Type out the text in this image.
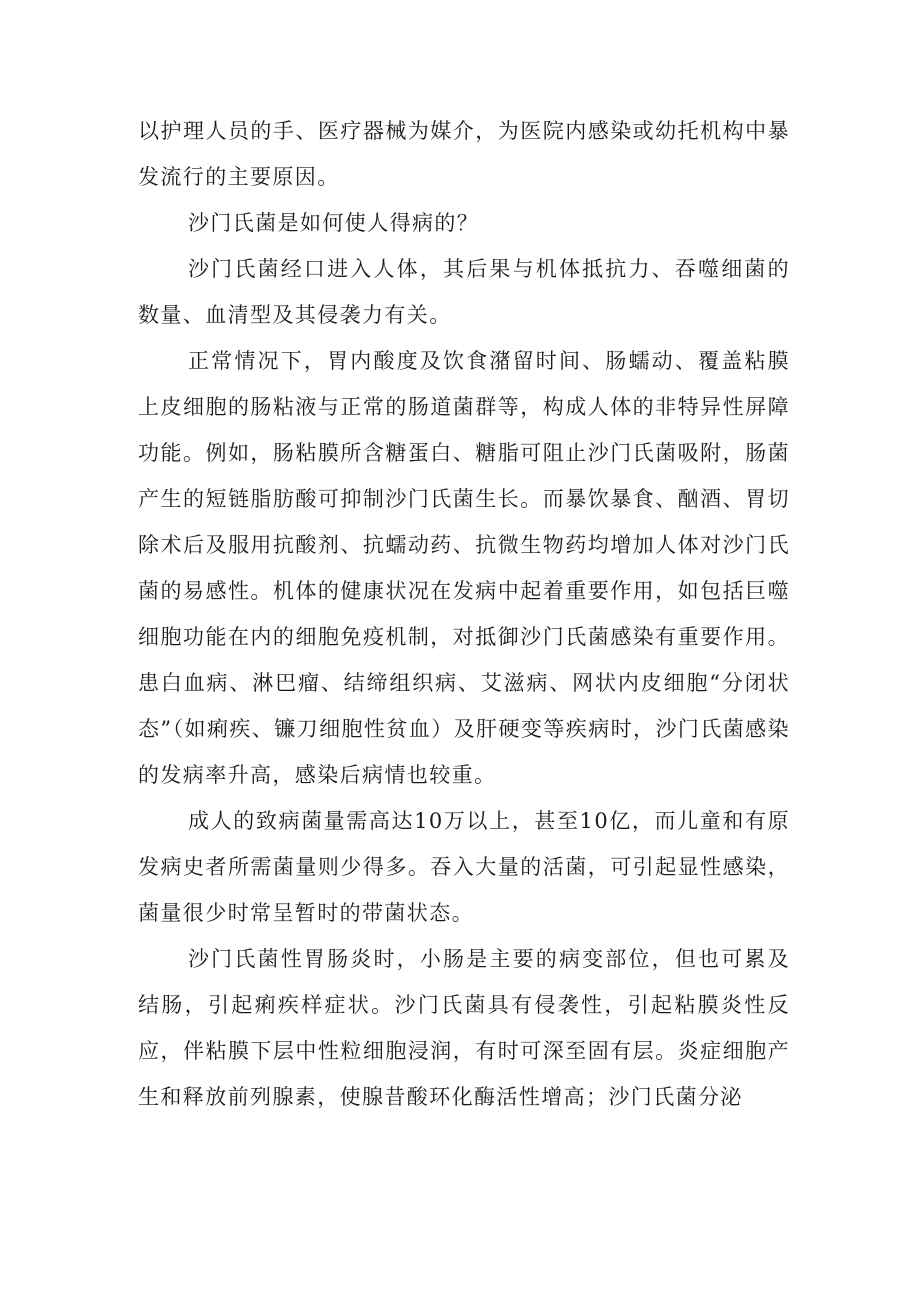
以护理人员的手、医疗器械为媒介，为医院内感染或幼托机构中暴发流行的主要原因。

沙门氏菌是如何使人得病的？

沙门氏菌经口进入人体，其后果与机体抵抗力、吞噬细菌的数量、血清型及其侵袭力有关。

正常情况下，胃内酸度及饮食潴留时间、肠蠕动、覆盖粘膜上皮细胞的肠粘液与正常的肠道菌群等，构成人体的非特异性屏障功能。例如，肠粘膜所含糖蛋白、糖脂可阻止沙门氏菌吸附，肠菌产生的短链脂肪酸可抑制沙门氏菌生长。而暴饮暴食、酗酒、胃切除术后及服用抗酸剂、抗蠕动药、抗微生物药均增加人体对沙门氏菌的易感性。机体的健康状况在发病中起着重要作用，如包括巨噬细胞功能在内的细胞免疫机制，对抵御沙门氏菌感染有重要作用。患白血病、淋巴瘤、结缔组织病、艾滋病、网状内皮细胞“分闭状态”（如痢疾、镰刀细胞性贫血）及肝硬变等疾病时，沙门氏菌感染的发病率升高，感染后病情也较重。

成人的致病菌量需高达10万以上，甚至10亿，而儿童和有原发病史者所需菌量则少得多。吞入大量的活菌，可引起显性感染，菌量很少时常呈暂时的带菌状态。

沙门氏菌性胃肠炎时，小肠是主要的病变部位，但也可累及结肠，引起痢疾样症状。沙门氏菌具有侵袭性，引起粘膜炎性反应，伴粘膜下层中性粒细胞浸润，有时可深至固有层。炎症细胞产生和释放前列腺素，使腺昔酸环化酶活性增高；沙门氏菌分泌
